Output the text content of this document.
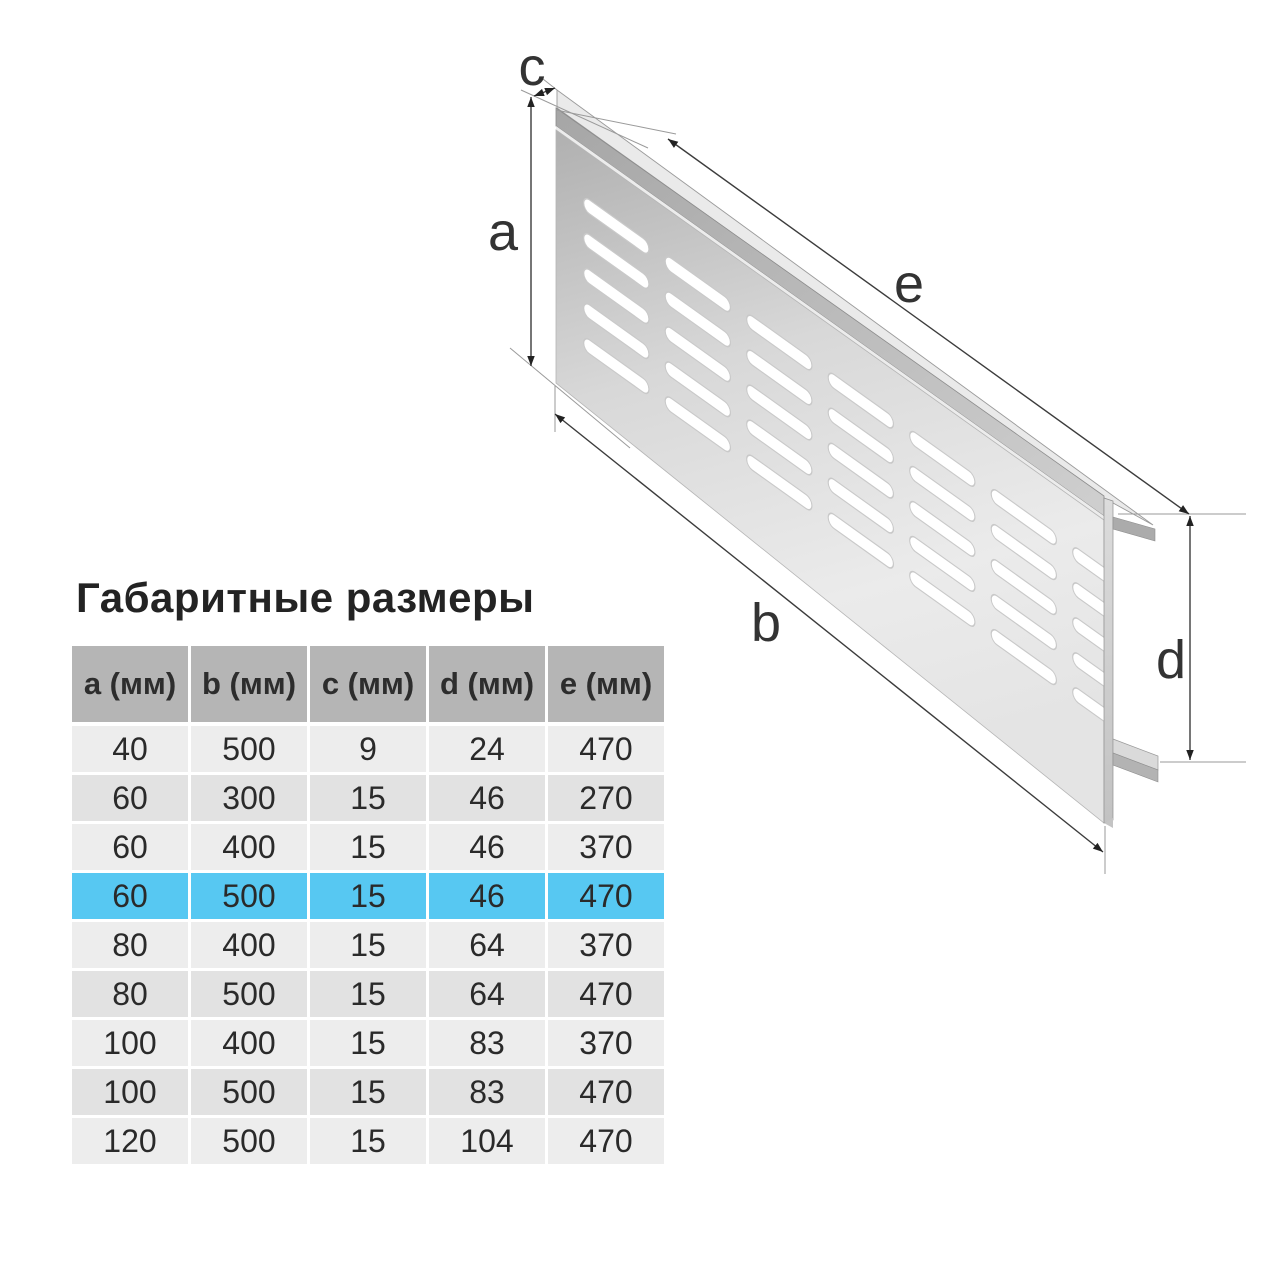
c
a
e
b
d
Габаритные размеры
a (мм) b (мм) c (мм) d (мм) e (мм)
40	500	9	24	470
60	300	15	46	270
60	400	15	46	370
60	500	15	46	470
80	400	15	64	370
80	500	15	64	470
100	400	15	83	370
100	500	15	83	470
120	500	15	104	470
